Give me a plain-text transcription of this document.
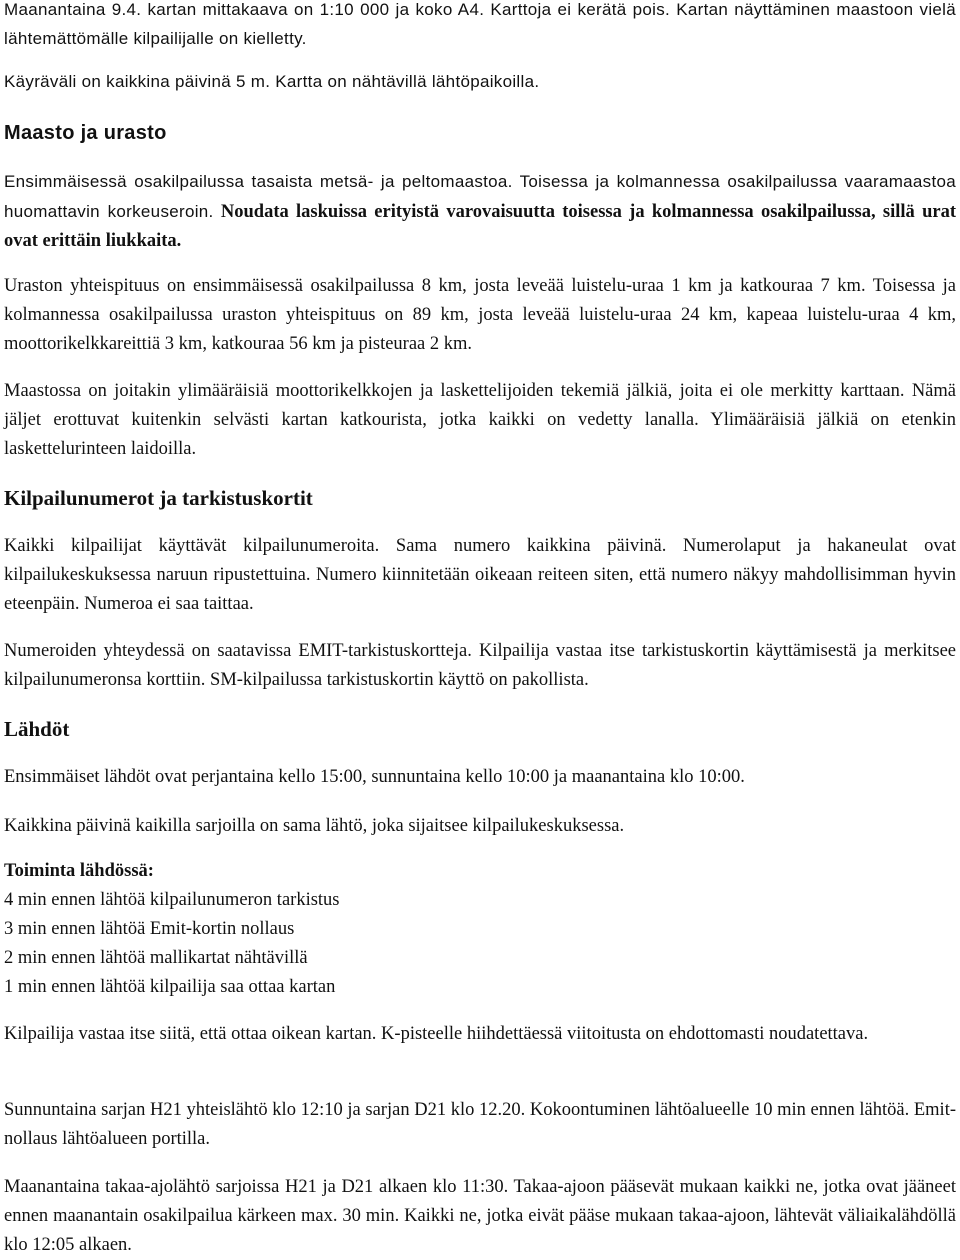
Maanantaina 9.4. kartan mittakaava on 1:10 000 ja koko A4. Karttoja ei kerätä pois. Kartan näyttäminen maastoon vielä lähtemättömälle kilpailijalle on kielletty.

Käyräväli on kaikkina päivinä 5 m. Kartta on nähtävillä lähtöpaikoilla.

Maasto ja urasto

Ensimmäisessä osakilpailussa tasaista metsä- ja peltomaastoa. Toisessa ja kolmannessa osakilpailussa vaaramaastoa huomattavin korkeuseroin. Noudata laskuissa erityistä varovaisuutta toisessa ja kolmannessa osakilpailussa, sillä urat ovat erittäin liukkaita.

Uraston yhteispituus on ensimmäisessä osakilpailussa 8 km, josta leveää luistelu-uraa 1 km ja katkouraa 7 km. Toisessa ja kolmannessa osakilpailussa uraston yhteispituus on 89 km, josta leveää luistelu-uraa 24 km, kapeaa luistelu-uraa 4 km, moottorikelkkareittiä 3 km, katkouraa 56 km ja pisteuraa 2 km.

Maastossa on joitakin ylimääräisiä moottorikelkkojen ja laskettelijoiden tekemiä jälkiä, joita ei ole merkitty karttaan. Nämä jäljet erottuvat kuitenkin selvästi kartan katkouristа, jotka kaikki on vedetty lanalla. Ylimääräisiä jälkiä on etenkin laskettelurinteen laidoilla.

Kilpailunumerot ja tarkistuskortit

Kaikki kilpailijat käyttävät kilpailunumeroita. Sama numero kaikkina päivinä. Numerolaput ja hakaneulat ovat kilpailukeskuksessa naruun ripustettuina. Numero kiinnitetään oikeaan reiteen siten, että numero näkyy mahdollisimman hyvin eteenpäin. Numeroa ei saa taittaa.

Numeroiden yhteydessä on saatavissa EMIT-tarkistuskortteja. Kilpailija vastaa itse tarkistuskortin käyttämisestä ja merkitsee kilpailunumeronsa korttiin. SM-kilpailussa tarkistuskortin käyttö on pakollista.

Lähdöt

Ensimmäiset lähdöt ovat perjantaina kello 15:00, sunnuntaina kello 10:00 ja maanantaina klo 10:00.

Kaikkina päivinä kaikilla sarjoilla on sama lähtö, joka sijaitsee kilpailukeskuksessa.

Toiminta lähdössä:

4 min ennen lähtöä kilpailunumeron tarkistus
3 min ennen lähtöä Emit-kortin nollaus
2 min ennen lähtöä mallikartat nähtävillä
1 min ennen lähtöä kilpailija saa ottaa kartan

Kilpailija vastaa itse siitä, että ottaa oikean kartan. K-pisteelle hiihdettäessä viitoitusta on ehdottomasti noudatettava.

Sunnuntaina sarjan H21 yhteislähtö klo 12:10 ja sarjan D21 klo 12.20. Kokoontuminen lähtöalueelle 10 min ennen lähtöä. Emit-nollaus lähtöalueen portilla.

Maanantaina takaa-ajolähtö sarjoissa H21 ja D21 alkaen klo 11:30. Takaa-ajoon pääsevät mukaan kaikki ne, jotka ovat jääneet ennen maanantain osakilpailua kärkeen max. 30 min. Kaikki ne, jotka eivät pääse mukaan takaa-ajoon, lähtevät väliaikalähdöllä klo 12:05 alkaen.
